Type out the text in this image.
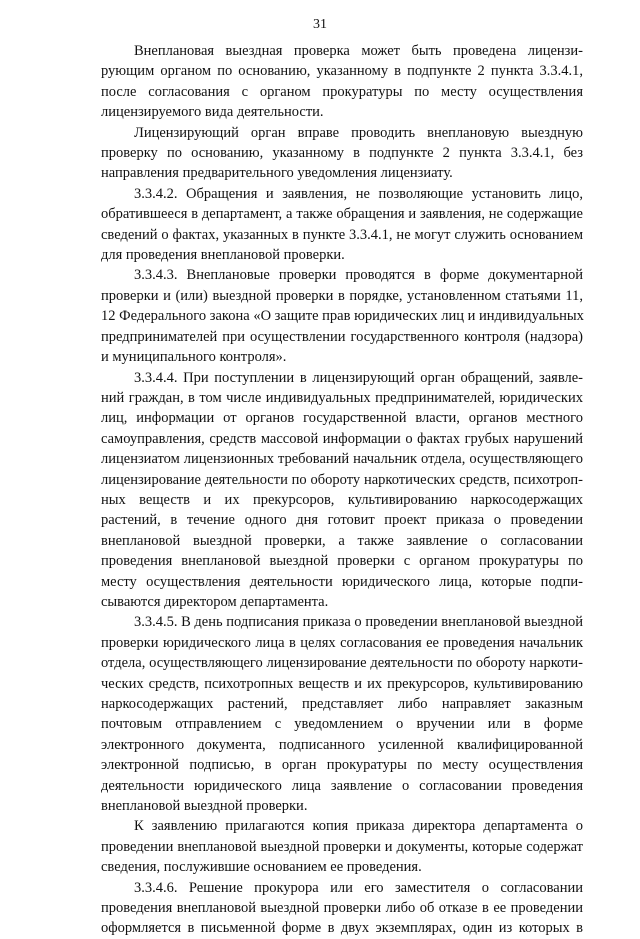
31

Внеплановая выездная проверка может быть проведена лицензи-
рующим органом по основанию, указанному в подпункте 2 пункта 3.3.4.1,
после согласования с органом прокуратуры по месту осуществления
лицензируемого вида деятельности.

Лицензирующий орган вправе проводить внеплановую выездную
проверку по основанию, указанному в подпункте 2 пункта 3.3.4.1, без
направления предварительного уведомления лицензиату.

3.3.4.2. Обращения и заявления, не позволяющие установить лицо,
обратившееся в департамент, а также обращения и заявления, не содержащие
сведений о фактах, указанных в пункте 3.3.4.1, не могут служить основанием
для проведения внеплановой проверки.

3.3.4.3. Внеплановые проверки проводятся в форме документарной
проверки и (или) выездной проверки в порядке, установленном статьями 11,
12 Федерального закона «О защите прав юридических лиц и индивидуальных
предпринимателей при осуществлении государственного контроля (надзора)
и муниципального контроля».

3.3.4.4. При поступлении в лицензирующий орган обращений, заявле-
ний граждан, в том числе индивидуальных предпринимателей, юридических
лиц, информации от органов государственной власти, органов местного
самоуправления, средств массовой информации о фактах грубых нарушений
лицензиатом лицензионных требований начальник отдела, осуществляющего
лицензирование деятельности по обороту наркотических средств, психотроп-
ных веществ и их прекурсоров, культивированию наркосодержащих
растений, в течение одного дня готовит проект приказа о проведении
внеплановой выездной проверки, а также заявление о согласовании
проведения внеплановой выездной проверки с органом прокуратуры по
месту осуществления деятельности юридического лица, которые подпи-
сываются директором департамента.

3.3.4.5. В день подписания приказа о проведении внеплановой выездной
проверки юридического лица в целях согласования ее проведения начальник
отдела, осуществляющего лицензирование деятельности по обороту наркоти-
ческих средств, психотропных веществ и их прекурсоров, культивированию
наркосодержащих растений, представляет либо направляет заказным
почтовым отправлением с уведомлением о вручении или в форме
электронного документа, подписанного усиленной квалифицированной
электронной подписью, в орган прокуратуры по месту осуществления
деятельности юридического лица заявление о согласовании проведения
внеплановой выездной проверки.

К заявлению прилагаются копия приказа директора департамента о
проведении внеплановой выездной проверки и документы, которые содержат
сведения, послужившие основанием ее проведения.

3.3.4.6. Решение прокурора или его заместителя о согласовании
проведения внеплановой выездной проверки либо об отказе в ее проведении
оформляется в письменной форме в двух экземплярах, один из которых в
